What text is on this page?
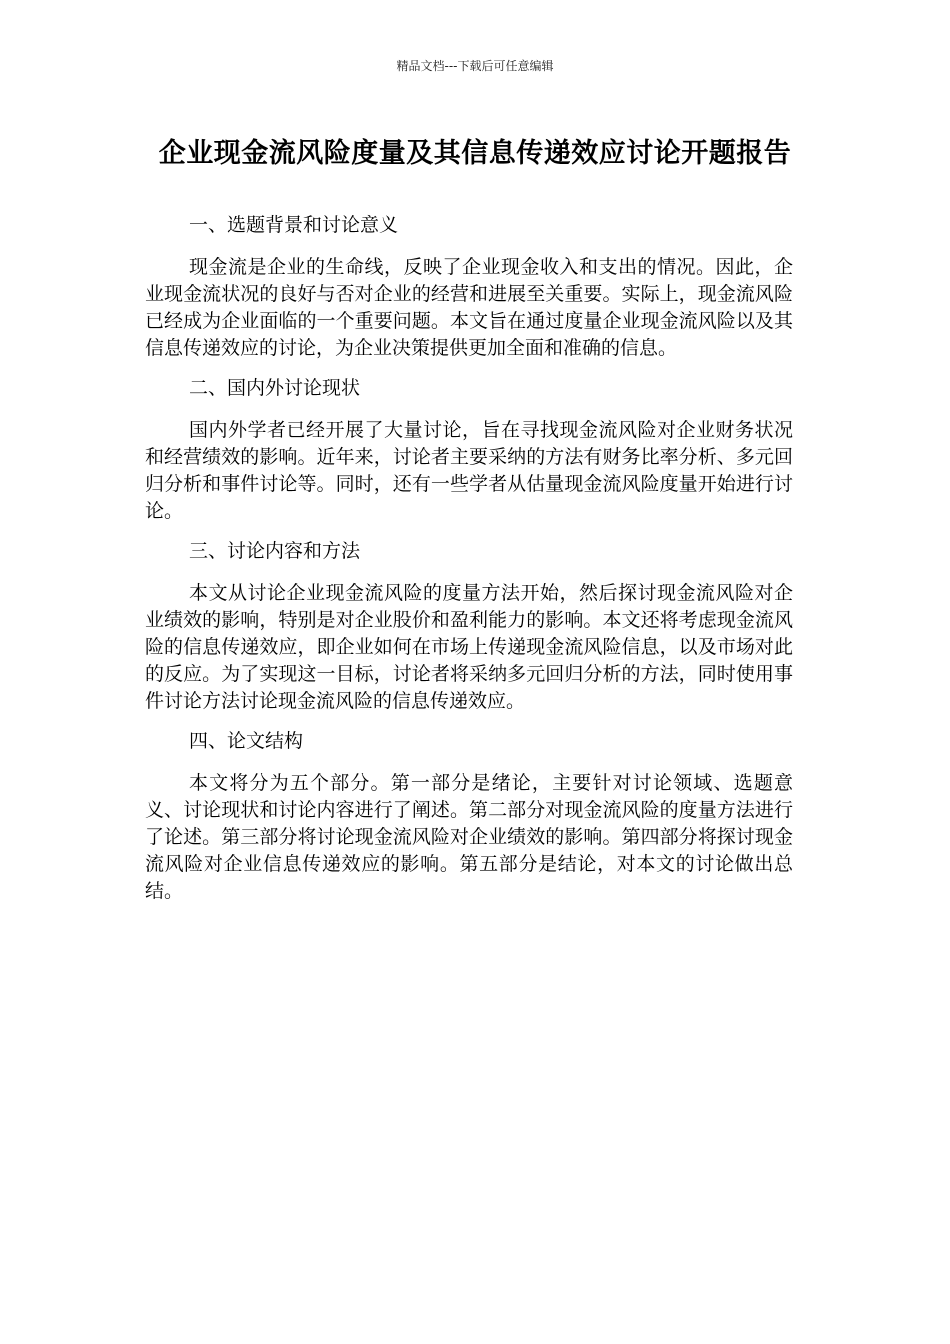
精品文档---下载后可任意编辑
企业现金流风险度量及其信息传递效应讨论开题报告
一、选题背景和讨论意义

现金流是企业的生命线，反映了企业现金收入和支出的情况。因此，企业现金流状况的良好与否对企业的经营和进展至关重要。实际上，现金流风险已经成为企业面临的一个重要问题。本文旨在通过度量企业现金流风险以及其信息传递效应的讨论，为企业决策提供更加全面和准确的信息。

二、国内外讨论现状

国内外学者已经开展了大量讨论，旨在寻找现金流风险对企业财务状况和经营绩效的影响。近年来，讨论者主要采纳的方法有财务比率分析、多元回归分析和事件讨论等。同时，还有一些学者从估量现金流风险度量开始进行讨论。

三、讨论内容和方法

本文从讨论企业现金流风险的度量方法开始，然后探讨现金流风险对企业绩效的影响，特别是对企业股价和盈利能力的影响。本文还将考虑现金流风险的信息传递效应，即企业如何在市场上传递现金流风险信息，以及市场对此的反应。为了实现这一目标，讨论者将采纳多元回归分析的方法，同时使用事件讨论方法讨论现金流风险的信息传递效应。

四、论文结构

本文将分为五个部分。第一部分是绪论，主要针对讨论领域、选题意义、讨论现状和讨论内容进行了阐述。第二部分对现金流风险的度量方法进行了论述。第三部分将讨论现金流风险对企业绩效的影响。第四部分将探讨现金流风险对企业信息传递效应的影响。第五部分是结论，对本文的讨论做出总结。
